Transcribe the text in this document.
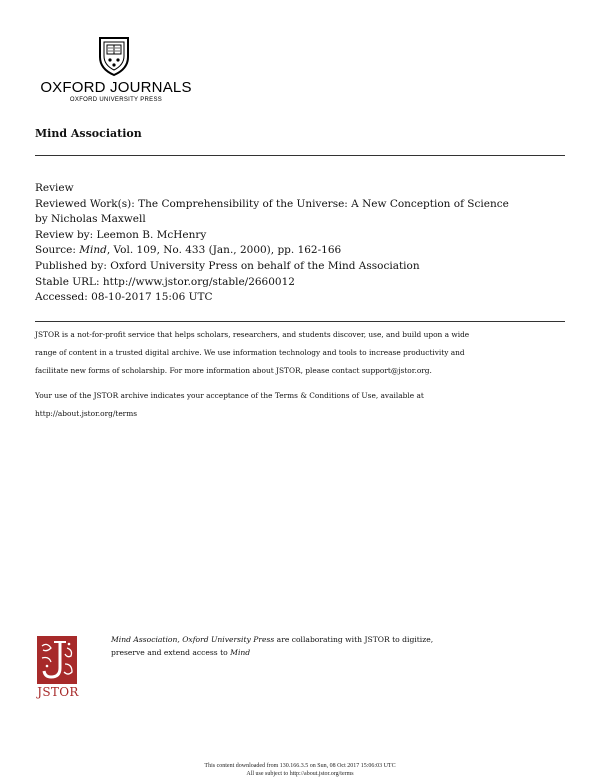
OXFORD JOURNALS
OXFORD UNIVERSITY PRESS
Mind Association
Review
Reviewed Work(s): The Comprehensibility of the Universe: A New Conception of Science
by Nicholas Maxwell
Review by: Leemon B. McHenry
Source: Mind, Vol. 109, No. 433 (Jan., 2000), pp. 162-166
Published by: Oxford University Press on behalf of the Mind Association
Stable URL: http://www.jstor.org/stable/2660012
Accessed: 08-10-2017 15:06 UTC
JSTOR is a not-for-profit service that helps scholars, researchers, and students discover, use, and build upon a wide
range of content in a trusted digital archive. We use information technology and tools to increase productivity and
facilitate new forms of scholarship. For more information about JSTOR, please contact support@jstor.org.
Your use of the JSTOR archive indicates your acceptance of the Terms & Conditions of Use, available at
http://about.jstor.org/terms
JSTOR
Mind Association, Oxford University Press are collaborating with JSTOR to digitize,
preserve and extend access to Mind
This content downloaded from 130.166.3.5 on Sun, 08 Oct 2017 15:06:03 UTC
All use subject to http://about.jstor.org/terms
